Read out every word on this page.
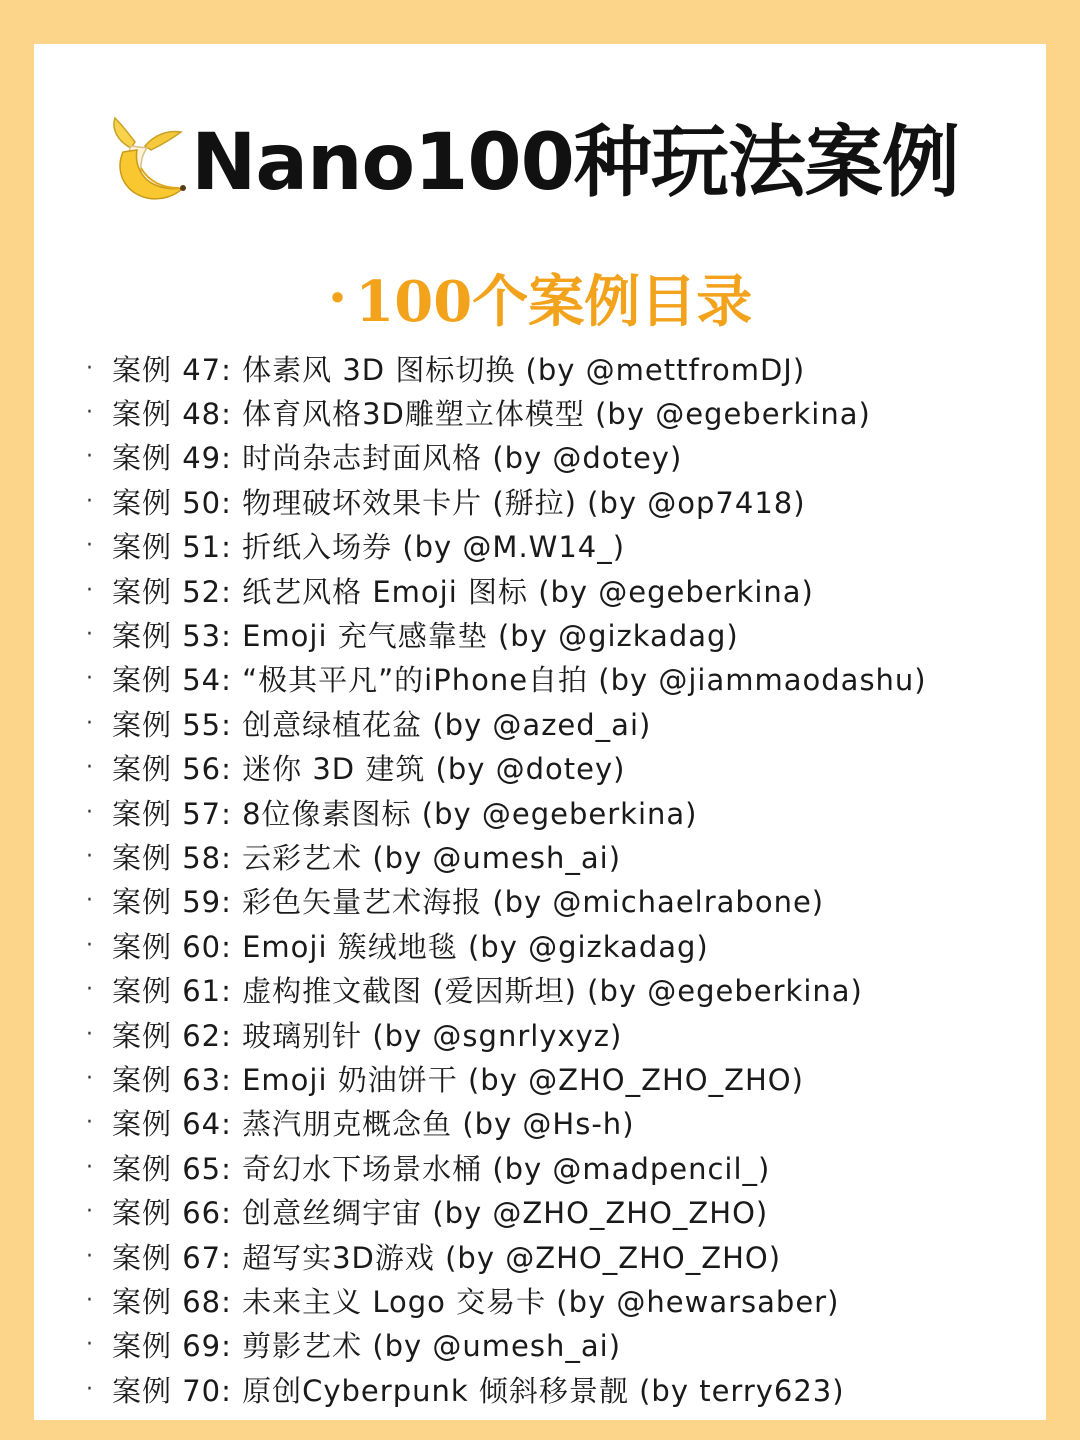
Nano100种玩法案例
· 100个案例目录
· 案例 47: 体素风 3D 图标切换 (by @mettfromDJ)
· 案例 48: 体育风格3D雕塑立体模型 (by @egeberkina)
· 案例 49: 时尚杂志封面风格 (by @dotey)
· 案例 50: 物理破坏效果卡片 (掰拉) (by @op7418)
· 案例 51: 折纸入场券 (by @M.W14_)
· 案例 52: 纸艺风格 Emoji 图标 (by @egeberkina)
· 案例 53: Emoji 充气感靠垫 (by @gizkadag)
· 案例 54: “极其平凡”的iPhone自拍 (by @jiammaodashu)
· 案例 55: 创意绿植花盆 (by @azed_ai)
· 案例 56: 迷你 3D 建筑 (by @dotey)
· 案例 57: 8位像素图标 (by @egeberkina)
· 案例 58: 云彩艺术 (by @umesh_ai)
· 案例 59: 彩色矢量艺术海报 (by @michaelrabone)
· 案例 60: Emoji 簇绒地毯 (by @gizkadag)
· 案例 61: 虚构推文截图 (爱因斯坦) (by @egeberkina)
· 案例 62: 玻璃别针 (by @sgnrlyxyz)
· 案例 63: Emoji 奶油饼干 (by @ZHO_ZHO_ZHO)
· 案例 64: 蒸汽朋克概念鱼 (by @Hs-h)
· 案例 65: 奇幻水下场景水桶 (by @madpencil_)
· 案例 66: 创意丝绸宇宙 (by @ZHO_ZHO_ZHO)
· 案例 67: 超写实3D游戏 (by @ZHO_ZHO_ZHO)
· 案例 68: 未来主义 Logo 交易卡 (by @hewarsaber)
· 案例 69: 剪影艺术 (by @umesh_ai)
· 案例 70: 原创Cyberpunk 倾斜移景靓 (by terry623)
